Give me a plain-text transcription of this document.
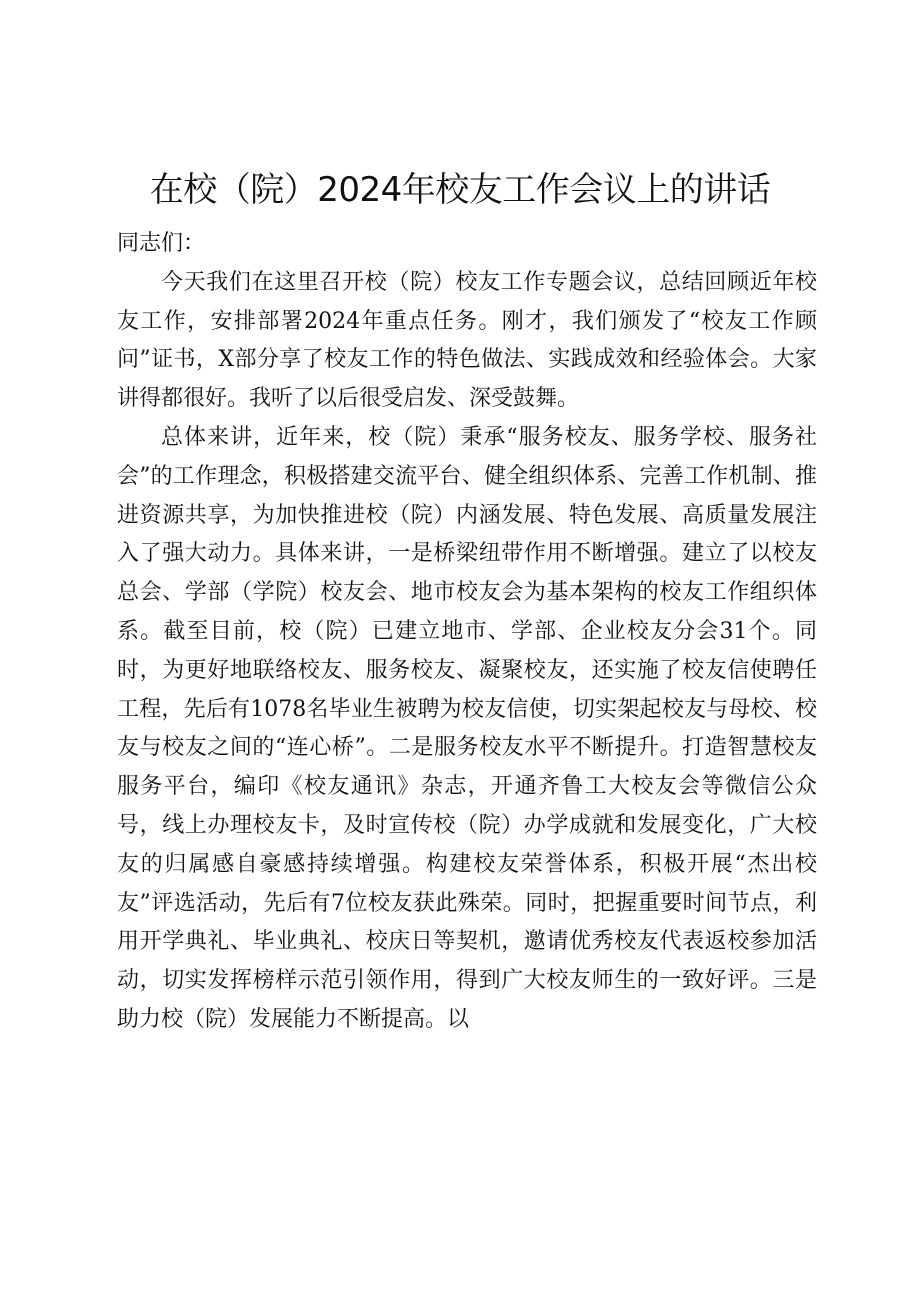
在校（院）2024年校友工作会议上的讲话

同志们：

今天我们在这里召开校（院）校友工作专题会议，总结回顾近年校友工作，安排部署2024年重点任务。刚才，我们颁发了“校友工作顾问”证书，X部分享了校友工作的特色做法、实践成效和经验体会。大家讲得都很好。我听了以后很受启发、深受鼓舞。

总体来讲，近年来，校（院）秉承“服务校友、服务学校、服务社会”的工作理念，积极搭建交流平台、健全组织体系、完善工作机制、推进资源共享，为加快推进校（院）内涵发展、特色发展、高质量发展注入了强大动力。具体来讲，一是桥梁纽带作用不断增强。建立了以校友总会、学部（学院）校友会、地市校友会为基本架构的校友工作组织体系。截至目前，校（院）已建立地市、学部、企业校友分会31个。同时，为更好地联络校友、服务校友、凝聚校友，还实施了校友信使聘任工程，先后有1078名毕业生被聘为校友信使，切实架起校友与母校、校友与校友之间的“连心桥”。二是服务校友水平不断提升。打造智慧校友服务平台，编印《校友通讯》杂志，开通齐鲁工大校友会等微信公众号，线上办理校友卡，及时宣传校（院）办学成就和发展变化，广大校友的归属感自豪感持续增强。构建校友荣誉体系，积极开展“杰出校友”评选活动，先后有7位校友获此殊荣。同时，把握重要时间节点，利用开学典礼、毕业典礼、校庆日等契机，邀请优秀校友代表返校参加活动，切实发挥榜样示范引领作用，得到广大校友师生的一致好评。三是助力校（院）发展能力不断提高。以
